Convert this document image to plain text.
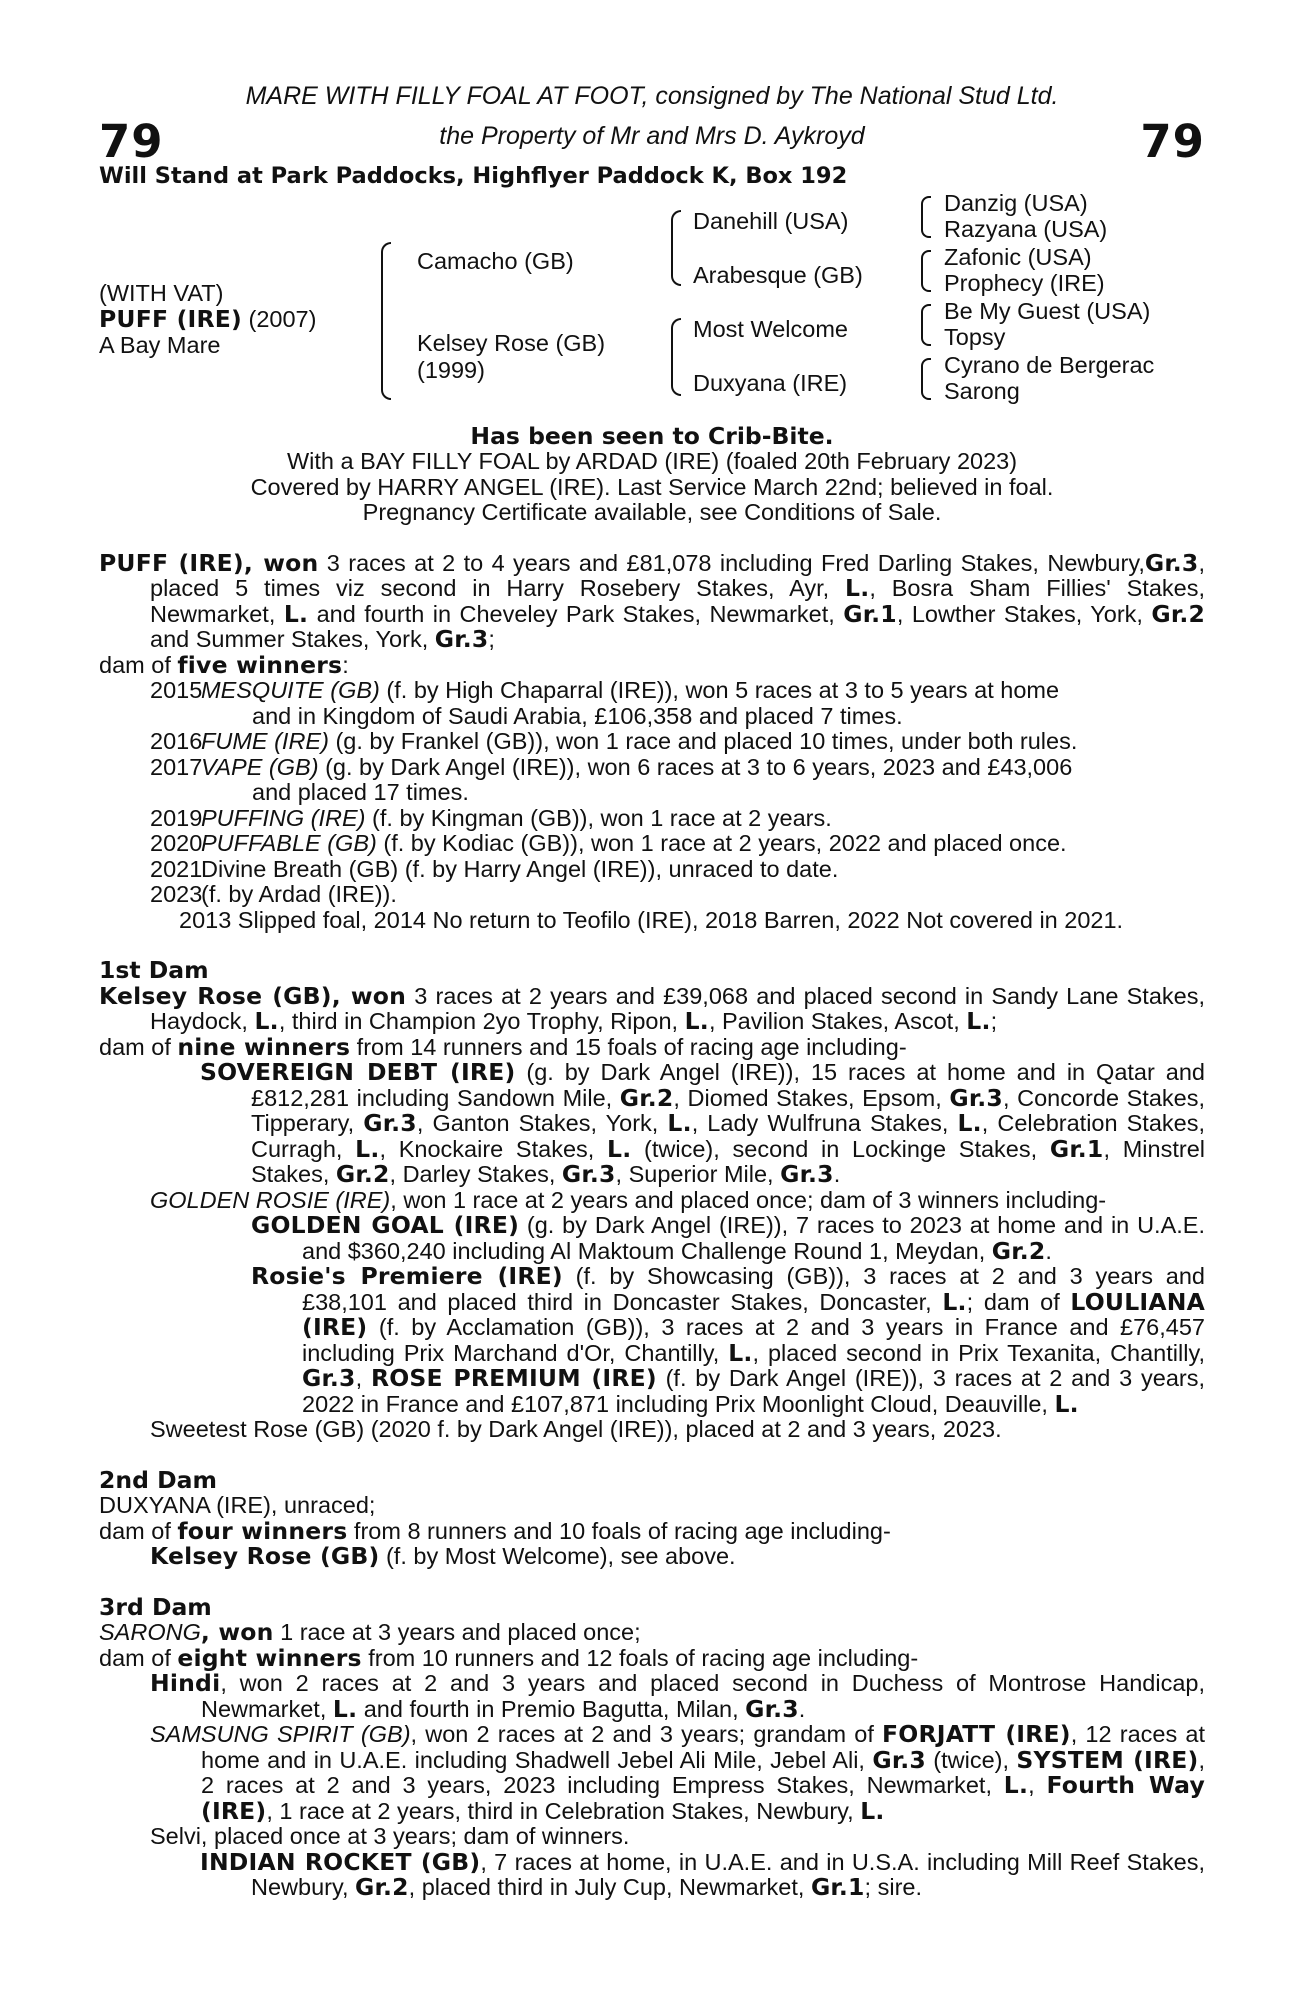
79	79
MARE WITH FILLY FOAL AT FOOT, consigned by The National Stud Ltd.
the Property of Mr and Mrs D. Aykroyd
Will Stand at Park Paddocks, Highflyer Paddock K, Box 192
(WITH VAT)
PUFF (IRE) (2007)
A Bay Mare
Camacho (GB)
Kelsey Rose (GB)
(1999)
Danehill (USA)
Arabesque (GB)
Most Welcome
Duxyana (IRE)
Danzig (USA)
Razyana (USA)
Zafonic (USA)
Prophecy (IRE)
Be My Guest (USA)
Topsy
Cyrano de Bergerac
Sarong
Has been seen to Crib-Bite.
With a BAY FILLY FOAL by ARDAD (IRE) (foaled 20th February 2023)
Covered by HARRY ANGEL (IRE). Last Service March 22nd; believed in foal.
Pregnancy Certificate available, see Conditions of Sale.
PUFF (IRE), won 3 races at 2 to 4 years and £81,078 including Fred Darling Stakes, Newbury,Gr.3, placed 5 times viz second in Harry Rosebery Stakes, Ayr, L., Bosra Sham Fillies' Stakes, Newmarket, L. and fourth in Cheveley Park Stakes, Newmarket, Gr.1, Lowther Stakes, York, Gr.2 and Summer Stakes, York, Gr.3;
dam of five winners:
2015
MESQUITE (GB) (f. by High Chaparral (IRE)), won 5 races at 3 to 5 years at home
and in Kingdom of Saudi Arabia, £106,358 and placed 7 times.
2016
FUME (IRE) (g. by Frankel (GB)), won 1 race and placed 10 times, under both rules.
2017
VAPE (GB) (g. by Dark Angel (IRE)), won 6 races at 3 to 6 years, 2023 and £43,006
and placed 17 times.
2019
PUFFING (IRE) (f. by Kingman (GB)), won 1 race at 2 years.
2020
PUFFABLE (GB) (f. by Kodiac (GB)), won 1 race at 2 years, 2022 and placed once.
2021
Divine Breath (GB) (f. by Harry Angel (IRE)), unraced to date.
2023
(f. by Ardad (IRE)).
2013 Slipped foal, 2014 No return to Teofilo (IRE), 2018 Barren, 2022 Not covered in 2021.
1st Dam
Kelsey Rose (GB), won 3 races at 2 years and £39,068 and placed second in Sandy Lane Stakes, Haydock, L., third in Champion 2yo Trophy, Ripon, L., Pavilion Stakes, Ascot, L.;
dam of nine winners from 14 runners and 15 foals of racing age including-
SOVEREIGN DEBT (IRE) (g. by Dark Angel (IRE)), 15 races at home and in Qatar and £812,281 including Sandown Mile, Gr.2, Diomed Stakes, Epsom, Gr.3, Concorde Stakes, Tipperary, Gr.3, Ganton Stakes, York, L., Lady Wulfruna Stakes, L., Celebration Stakes, Curragh, L., Knockaire Stakes, L. (twice), second in Lockinge Stakes, Gr.1, Minstrel Stakes, Gr.2, Darley Stakes, Gr.3, Superior Mile, Gr.3.
GOLDEN ROSIE (IRE), won 1 race at 2 years and placed once; dam of 3 winners including-
GOLDEN GOAL (IRE) (g. by Dark Angel (IRE)), 7 races to 2023 at home and in U.A.E. and $360,240 including Al Maktoum Challenge Round 1, Meydan, Gr.2.
Rosie's Premiere (IRE) (f. by Showcasing (GB)), 3 races at 2 and 3 years and £38,101 and placed third in Doncaster Stakes, Doncaster, L.; dam of LOULIANA (IRE) (f. by Acclamation (GB)), 3 races at 2 and 3 years in France and £76,457 including Prix Marchand d'Or, Chantilly, L., placed second in Prix Texanita, Chantilly, Gr.3, ROSE PREMIUM (IRE) (f. by Dark Angel (IRE)), 3 races at 2 and 3 years, 2022 in France and £107,871 including Prix Moonlight Cloud, Deauville, L.
Sweetest Rose (GB) (2020 f. by Dark Angel (IRE)), placed at 2 and 3 years, 2023.
2nd Dam
DUXYANA (IRE), unraced;
dam of four winners from 8 runners and 10 foals of racing age including-
Kelsey Rose (GB) (f. by Most Welcome), see above.
3rd Dam
SARONG, won 1 race at 3 years and placed once;
dam of eight winners from 10 runners and 12 foals of racing age including-
Hindi, won 2 races at 2 and 3 years and placed second in Duchess of Montrose Handicap, Newmarket, L. and fourth in Premio Bagutta, Milan, Gr.3.
SAMSUNG SPIRIT (GB), won 2 races at 2 and 3 years; grandam of FORJATT (IRE), 12 races at home and in U.A.E. including Shadwell Jebel Ali Mile, Jebel Ali, Gr.3 (twice), SYSTEM (IRE), 2 races at 2 and 3 years, 2023 including Empress Stakes, Newmarket, L., Fourth Way (IRE), 1 race at 2 years, third in Celebration Stakes, Newbury, L.
Selvi, placed once at 3 years; dam of winners.
INDIAN ROCKET (GB), 7 races at home, in U.A.E. and in U.S.A. including Mill Reef Stakes, Newbury, Gr.2, placed third in July Cup, Newmarket, Gr.1; sire.
